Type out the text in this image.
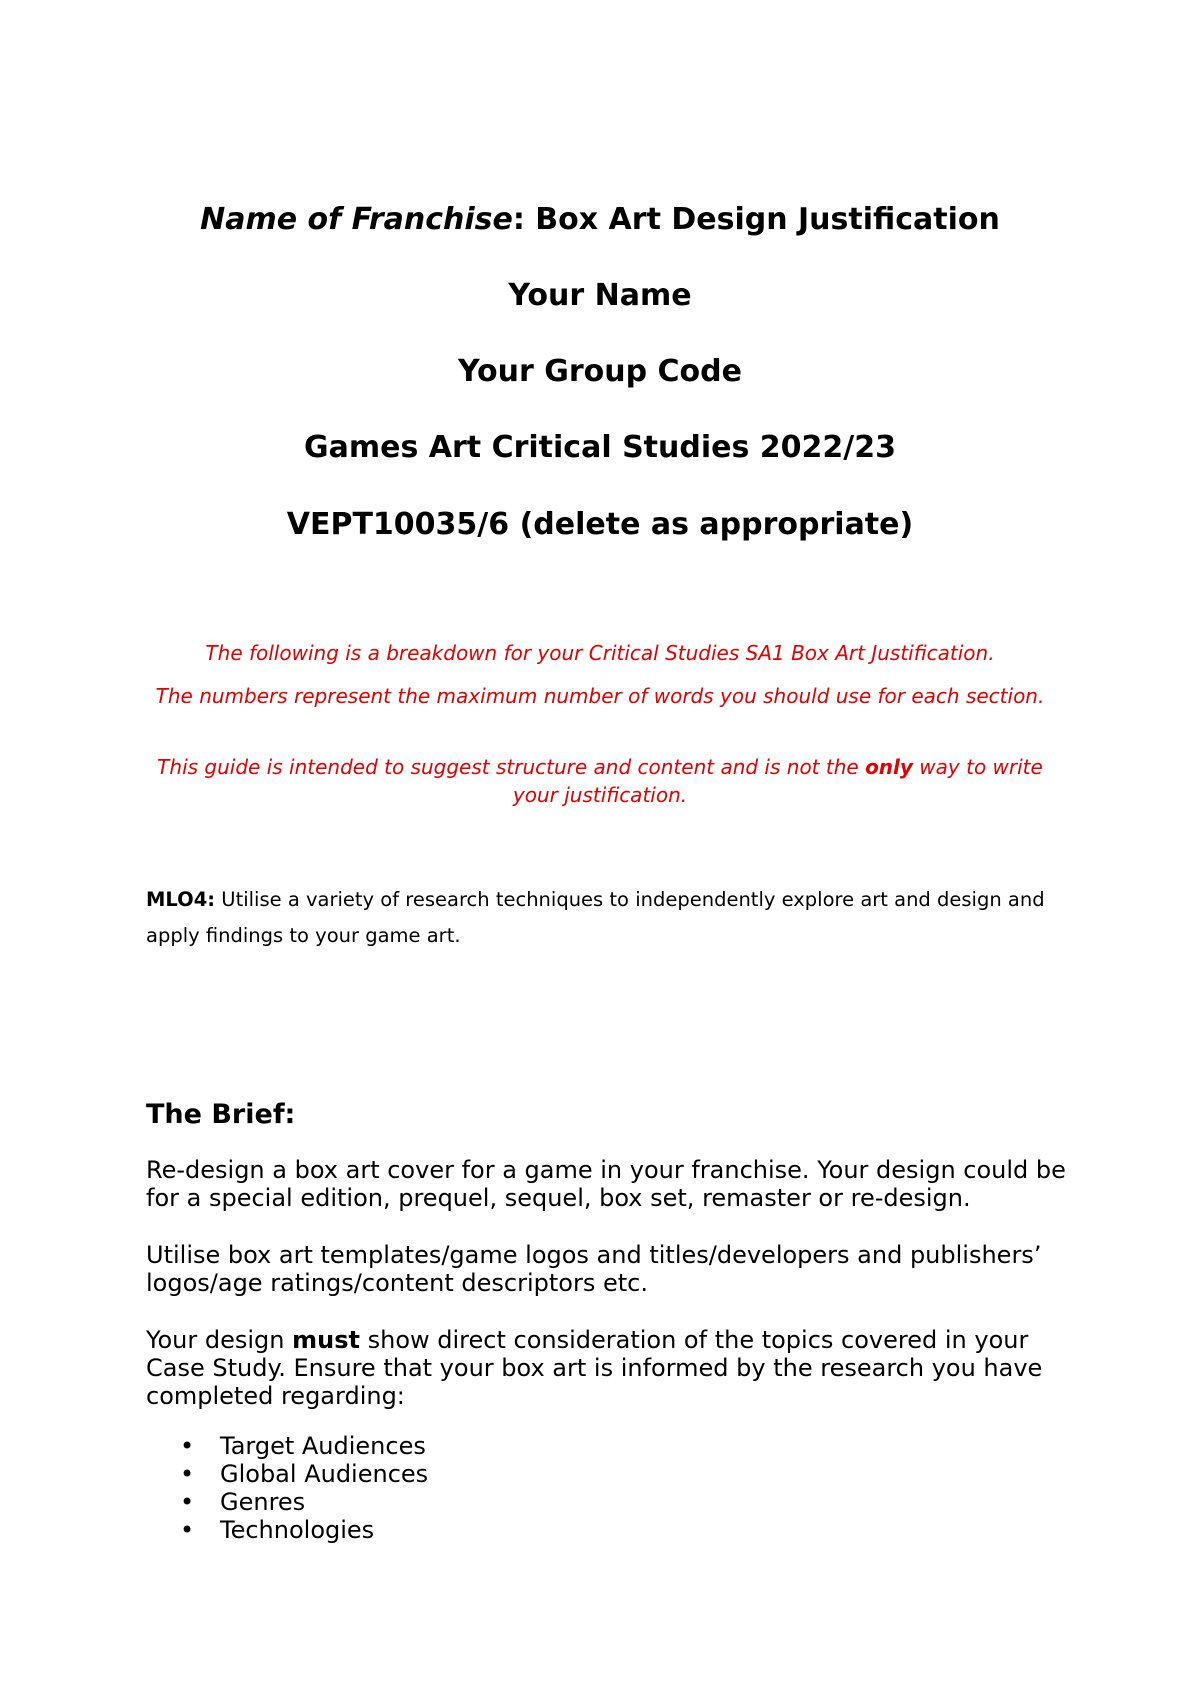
Name of Franchise: Box Art Design Justification

Your Name

Your Group Code

Games Art Critical Studies 2022/23

VEPT10035/6 (delete as appropriate)

The following is a breakdown for your Critical Studies SA1 Box Art Justification.

The numbers represent the maximum number of words you should use for each section.

This guide is intended to suggest structure and content and is not the only way to write your justification.

MLO4: Utilise a variety of research techniques to independently explore art and design and apply findings to your game art.

The Brief:

Re-design a box art cover for a game in your franchise. Your design could be for a special edition, prequel, sequel, box set, remaster or re-design.

Utilise box art templates/game logos and titles/developers and publishers’ logos/age ratings/content descriptors etc.

Your design must show direct consideration of the topics covered in your Case Study. Ensure that your box art is informed by the research you have completed regarding:

• Target Audiences
• Global Audiences
• Genres
• Technologies
